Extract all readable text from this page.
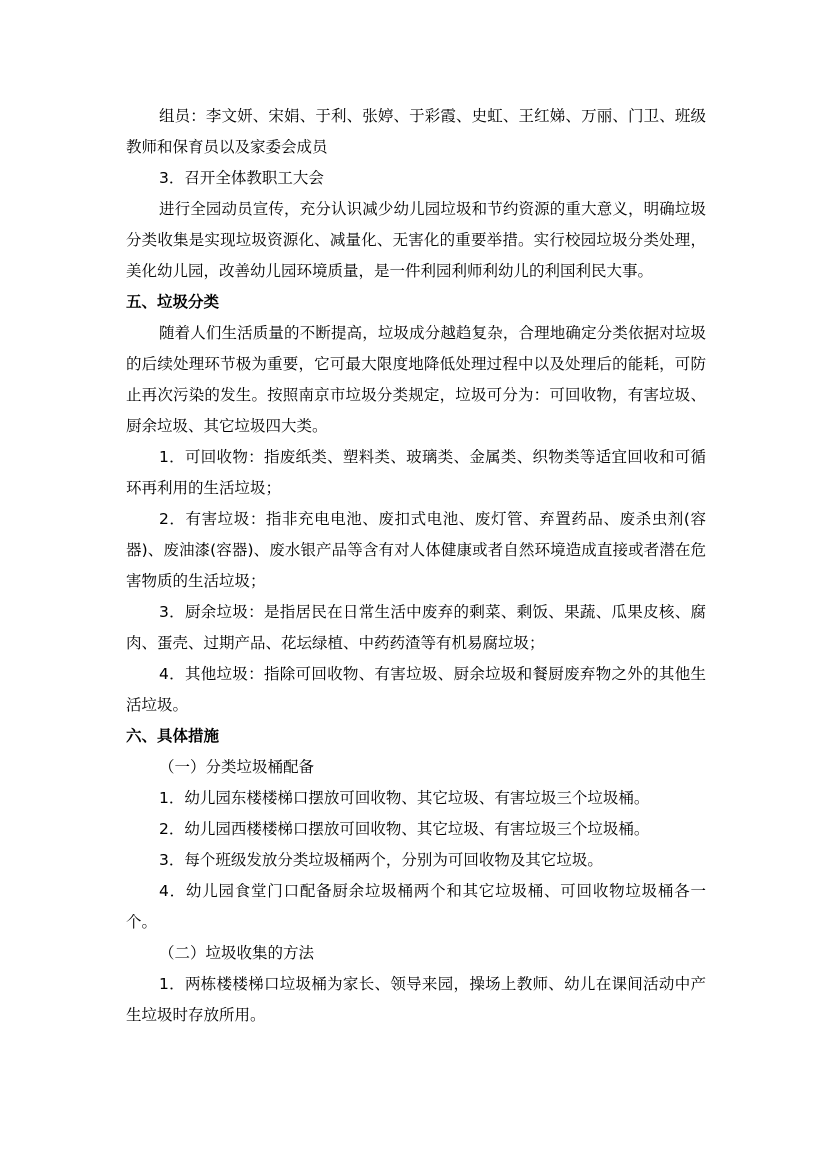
组员：李文妍、宋娟、于利、张婷、于彩霞、史虹、王红娣、万丽、门卫、班级教师和保育员以及家委会成员

3．召开全体教职工大会

进行全园动员宣传，充分认识减少幼儿园垃圾和节约资源的重大意义，明确垃圾分类收集是实现垃圾资源化、减量化、无害化的重要举措。实行校园垃圾分类处理，美化幼儿园，改善幼儿园环境质量，是一件利园利师利幼儿的利国利民大事。

五、垃圾分类

随着人们生活质量的不断提高，垃圾成分越趋复杂，合理地确定分类依据对垃圾的后续处理环节极为重要，它可最大限度地降低处理过程中以及处理后的能耗，可防止再次污染的发生。按照南京市垃圾分类规定，垃圾可分为：可回收物，有害垃圾、厨余垃圾、其它垃圾四大类。

1．可回收物：指废纸类、塑料类、玻璃类、金属类、织物类等适宜回收和可循环再利用的生活垃圾；

2．有害垃圾：指非充电电池、废扣式电池、废灯管、弃置药品、废杀虫剂(容器)、废油漆(容器)、废水银产品等含有对人体健康或者自然环境造成直接或者潜在危害物质的生活垃圾；

3．厨余垃圾：是指居民在日常生活中废弃的剩菜、剩饭、果蔬、瓜果皮核、腐肉、蛋壳、过期产品、花坛绿植、中药药渣等有机易腐垃圾；

4．其他垃圾：指除可回收物、有害垃圾、厨余垃圾和餐厨废弃物之外的其他生活垃圾。

六、具体措施

（一）分类垃圾桶配备

1．幼儿园东楼楼梯口摆放可回收物、其它垃圾、有害垃圾三个垃圾桶。

2．幼儿园西楼楼梯口摆放可回收物、其它垃圾、有害垃圾三个垃圾桶。

3．每个班级发放分类垃圾桶两个，分别为可回收物及其它垃圾。

4．幼儿园食堂门口配备厨余垃圾桶两个和其它垃圾桶、可回收物垃圾桶各一个。

（二）垃圾收集的方法

1．两栋楼楼梯口垃圾桶为家长、领导来园，操场上教师、幼儿在课间活动中产生垃圾时存放所用。
